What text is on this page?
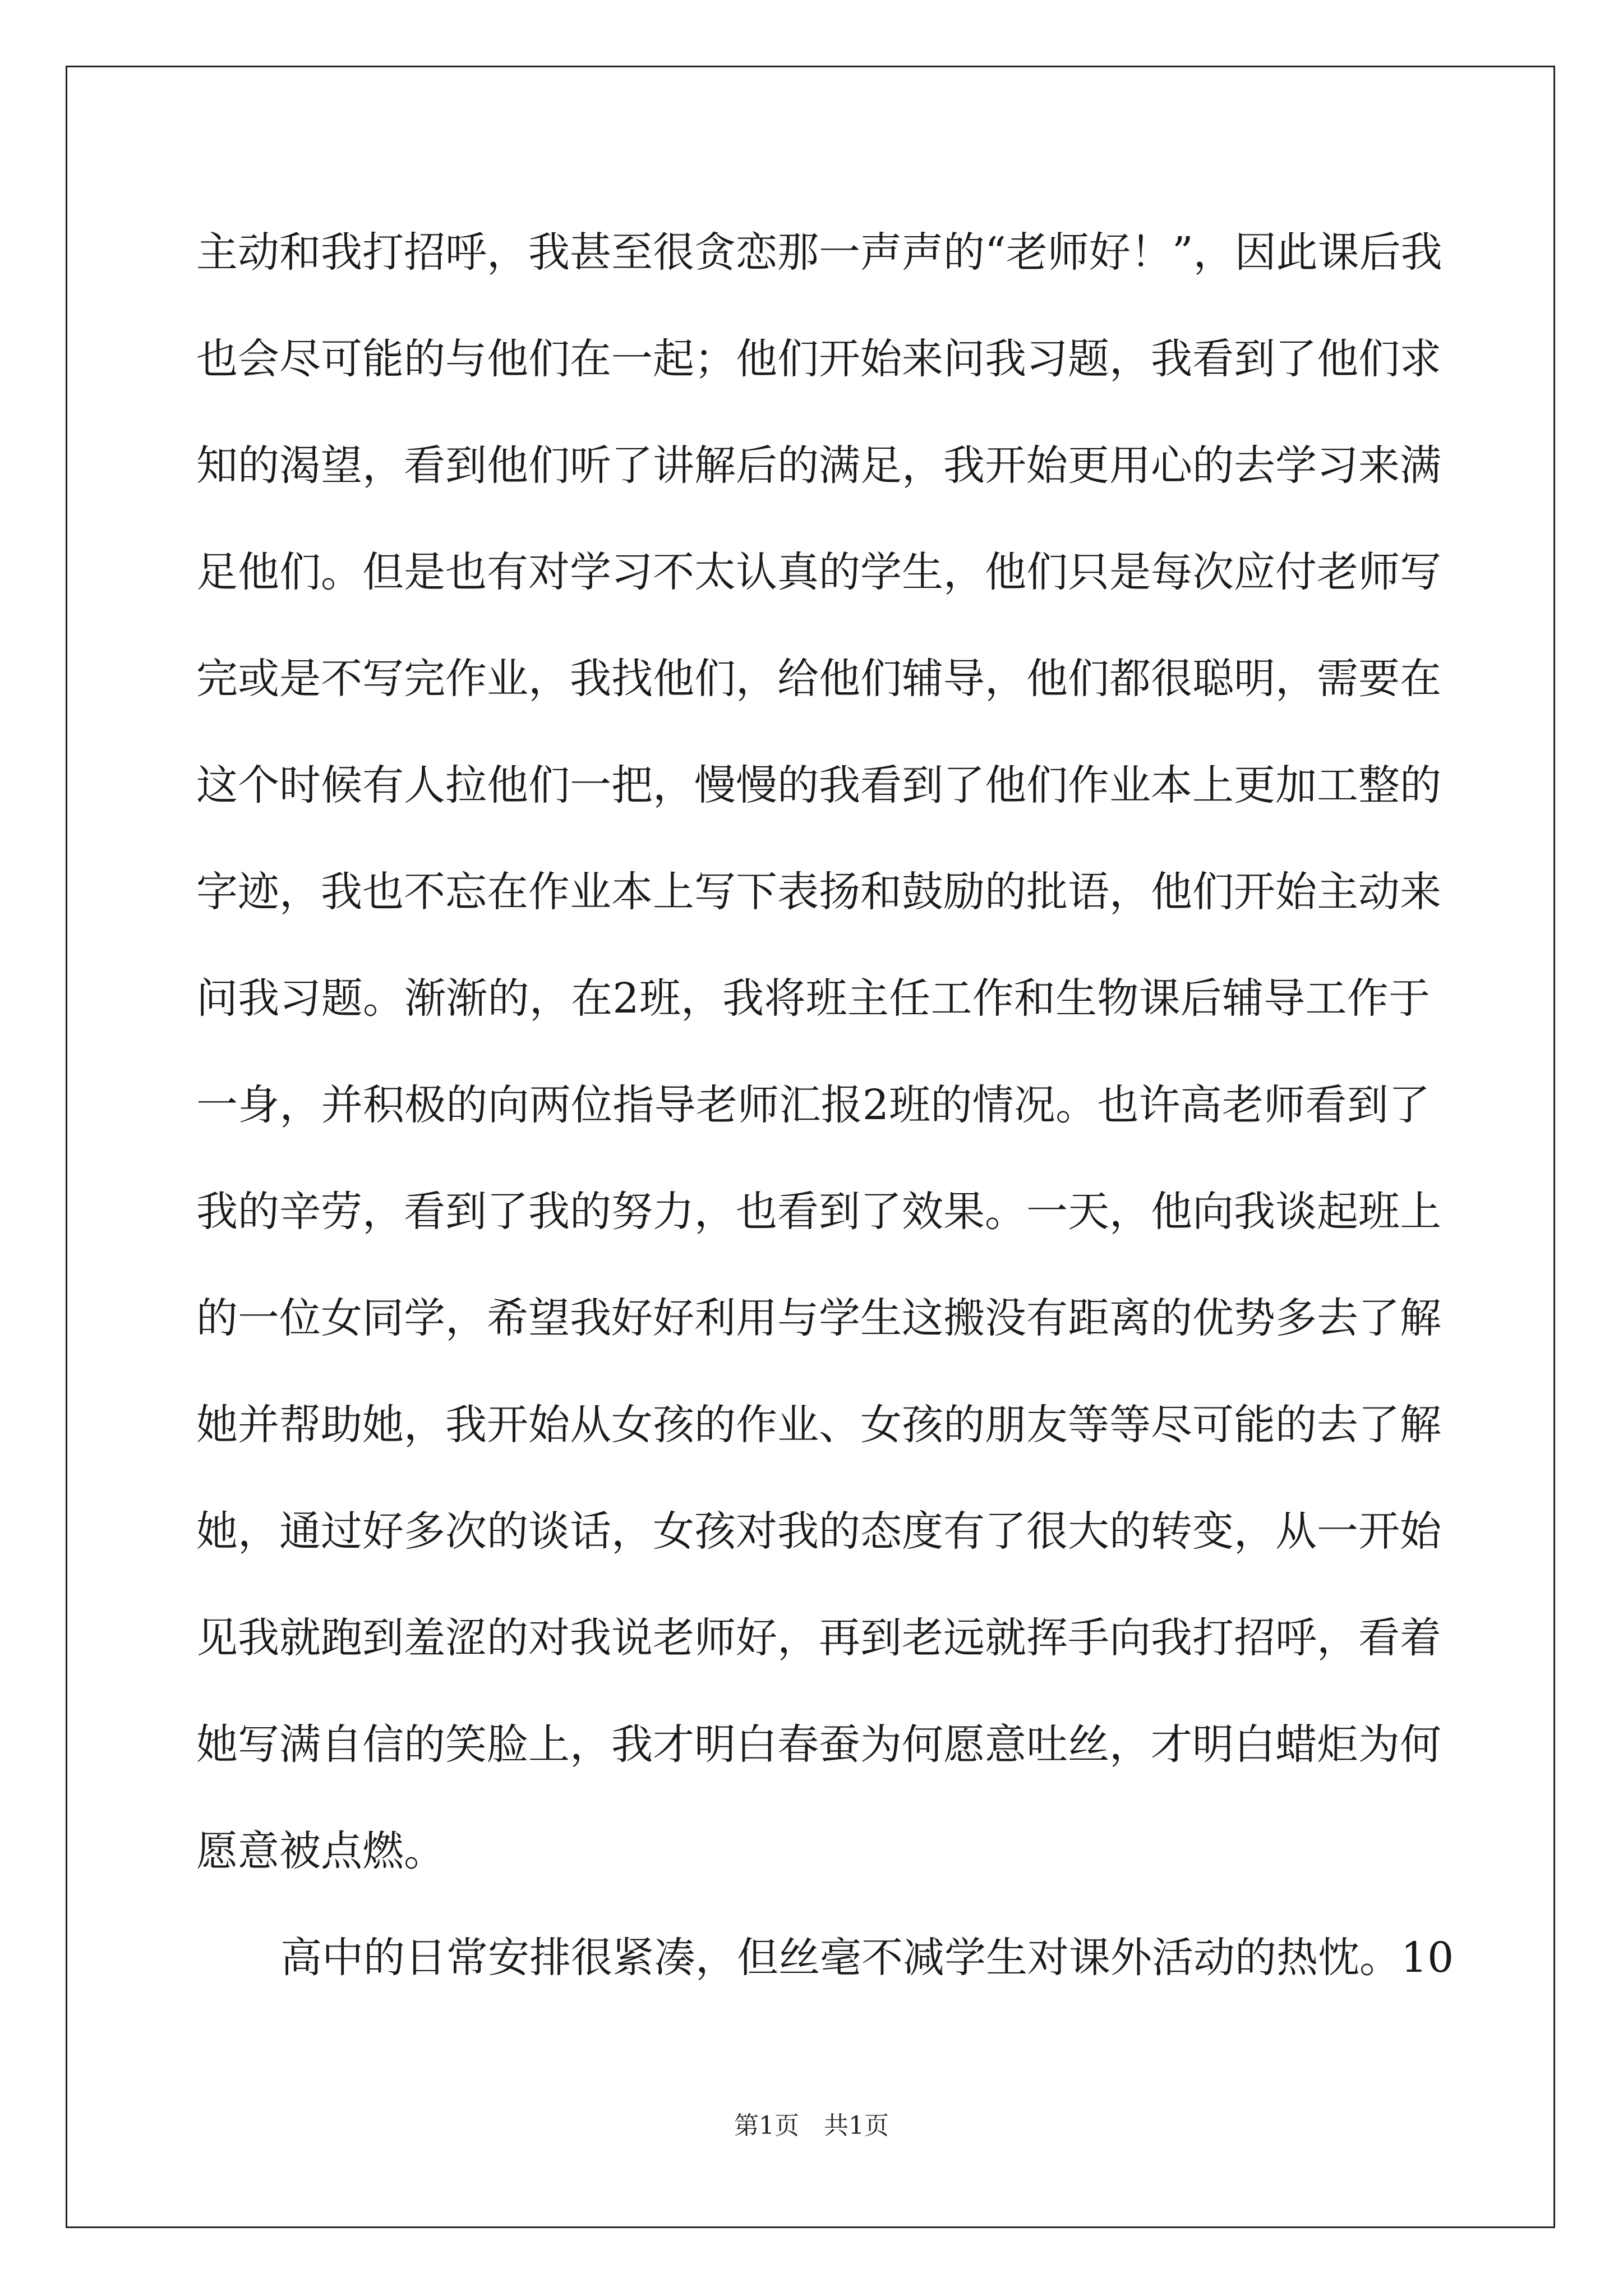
主动和我打招呼，我甚至很贪恋那一声声的“老师好！”，因此课后我
也会尽可能的与他们在一起；他们开始来问我习题，我看到了他们求
知的渴望，看到他们听了讲解后的满足，我开始更用心的去学习来满
足他们。但是也有对学习不太认真的学生，他们只是每次应付老师写
完或是不写完作业，我找他们，给他们辅导，他们都很聪明，需要在
这个时候有人拉他们一把，慢慢的我看到了他们作业本上更加工整的
字迹，我也不忘在作业本上写下表扬和鼓励的批语，他们开始主动来
问我习题。渐渐的，在2班，我将班主任工作和生物课后辅导工作于
一身，并积极的向两位指导老师汇报2班的情况。也许高老师看到了
我的辛劳，看到了我的努力，也看到了效果。一天，他向我谈起班上
的一位女同学，希望我好好利用与学生这搬没有距离的优势多去了解
她并帮助她，我开始从女孩的作业、女孩的朋友等等尽可能的去了解
她，通过好多次的谈话，女孩对我的态度有了很大的转变，从一开始
见我就跑到羞涩的对我说老师好，再到老远就挥手向我打招呼，看着
她写满自信的笑脸上，我才明白春蚕为何愿意吐丝，才明白蜡炬为何
愿意被点燃。
高中的日常安排很紧凑，但丝毫不减学生对课外活动的热忱。10
第1页　共1页
